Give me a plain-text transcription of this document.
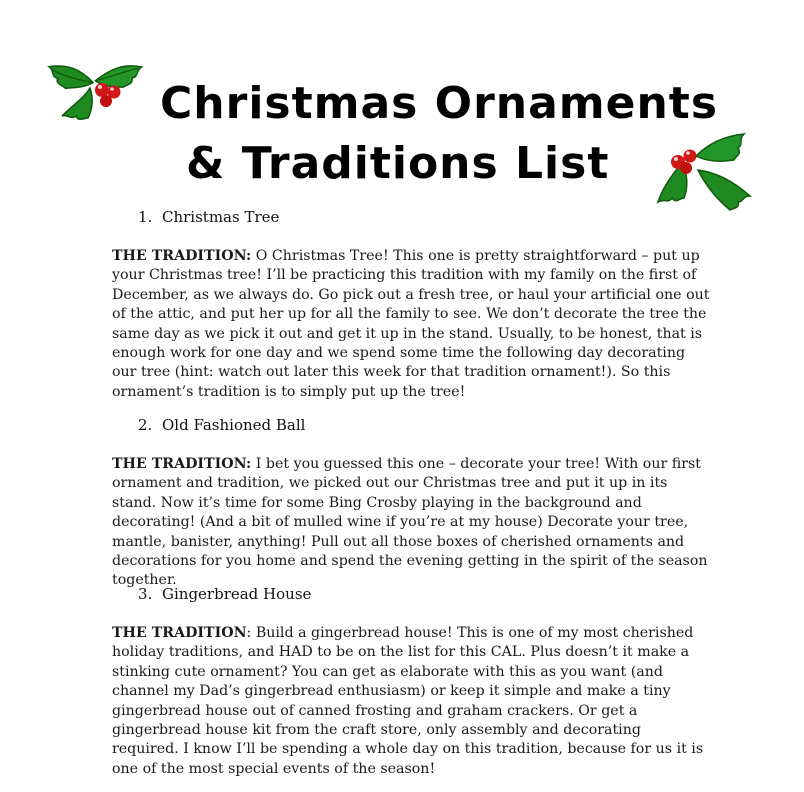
Christmas Ornaments
& Traditions List
1. Christmas Tree
THE TRADITION: O Christmas Tree! This one is pretty straightforward – put up your Christmas tree! I’ll be practicing this tradition with my family on the first of December, as we always do. Go pick out a fresh tree, or haul your artificial one out of the attic, and put her up for all the family to see. We don’t decorate the tree the same day as we pick it out and get it up in the stand. Usually, to be honest, that is enough work for one day and we spend some time the following day decorating our tree (hint: watch out later this week for that tradition ornament!). So this ornament’s tradition is to simply put up the tree!
2. Old Fashioned Ball
THE TRADITION: I bet you guessed this one – decorate your tree! With our first ornament and tradition, we picked out our Christmas tree and put it up in its stand. Now it’s time for some Bing Crosby playing in the background and decorating! (And a bit of mulled wine if you’re at my house) Decorate your tree, mantle, banister, anything! Pull out all those boxes of cherished ornaments and decorations for you home and spend the evening getting in the spirit of the season together.
3. Gingerbread House
THE TRADITION: Build a gingerbread house! This is one of my most cherished holiday traditions, and HAD to be on the list for this CAL. Plus doesn’t it make a stinking cute ornament? You can get as elaborate with this as you want (and channel my Dad’s gingerbread enthusiasm) or keep it simple and make a tiny gingerbread house out of canned frosting and graham crackers. Or get a gingerbread house kit from the craft store, only assembly and decorating required. I know I’ll be spending a whole day on this tradition, because for us it is one of the most special events of the season!
